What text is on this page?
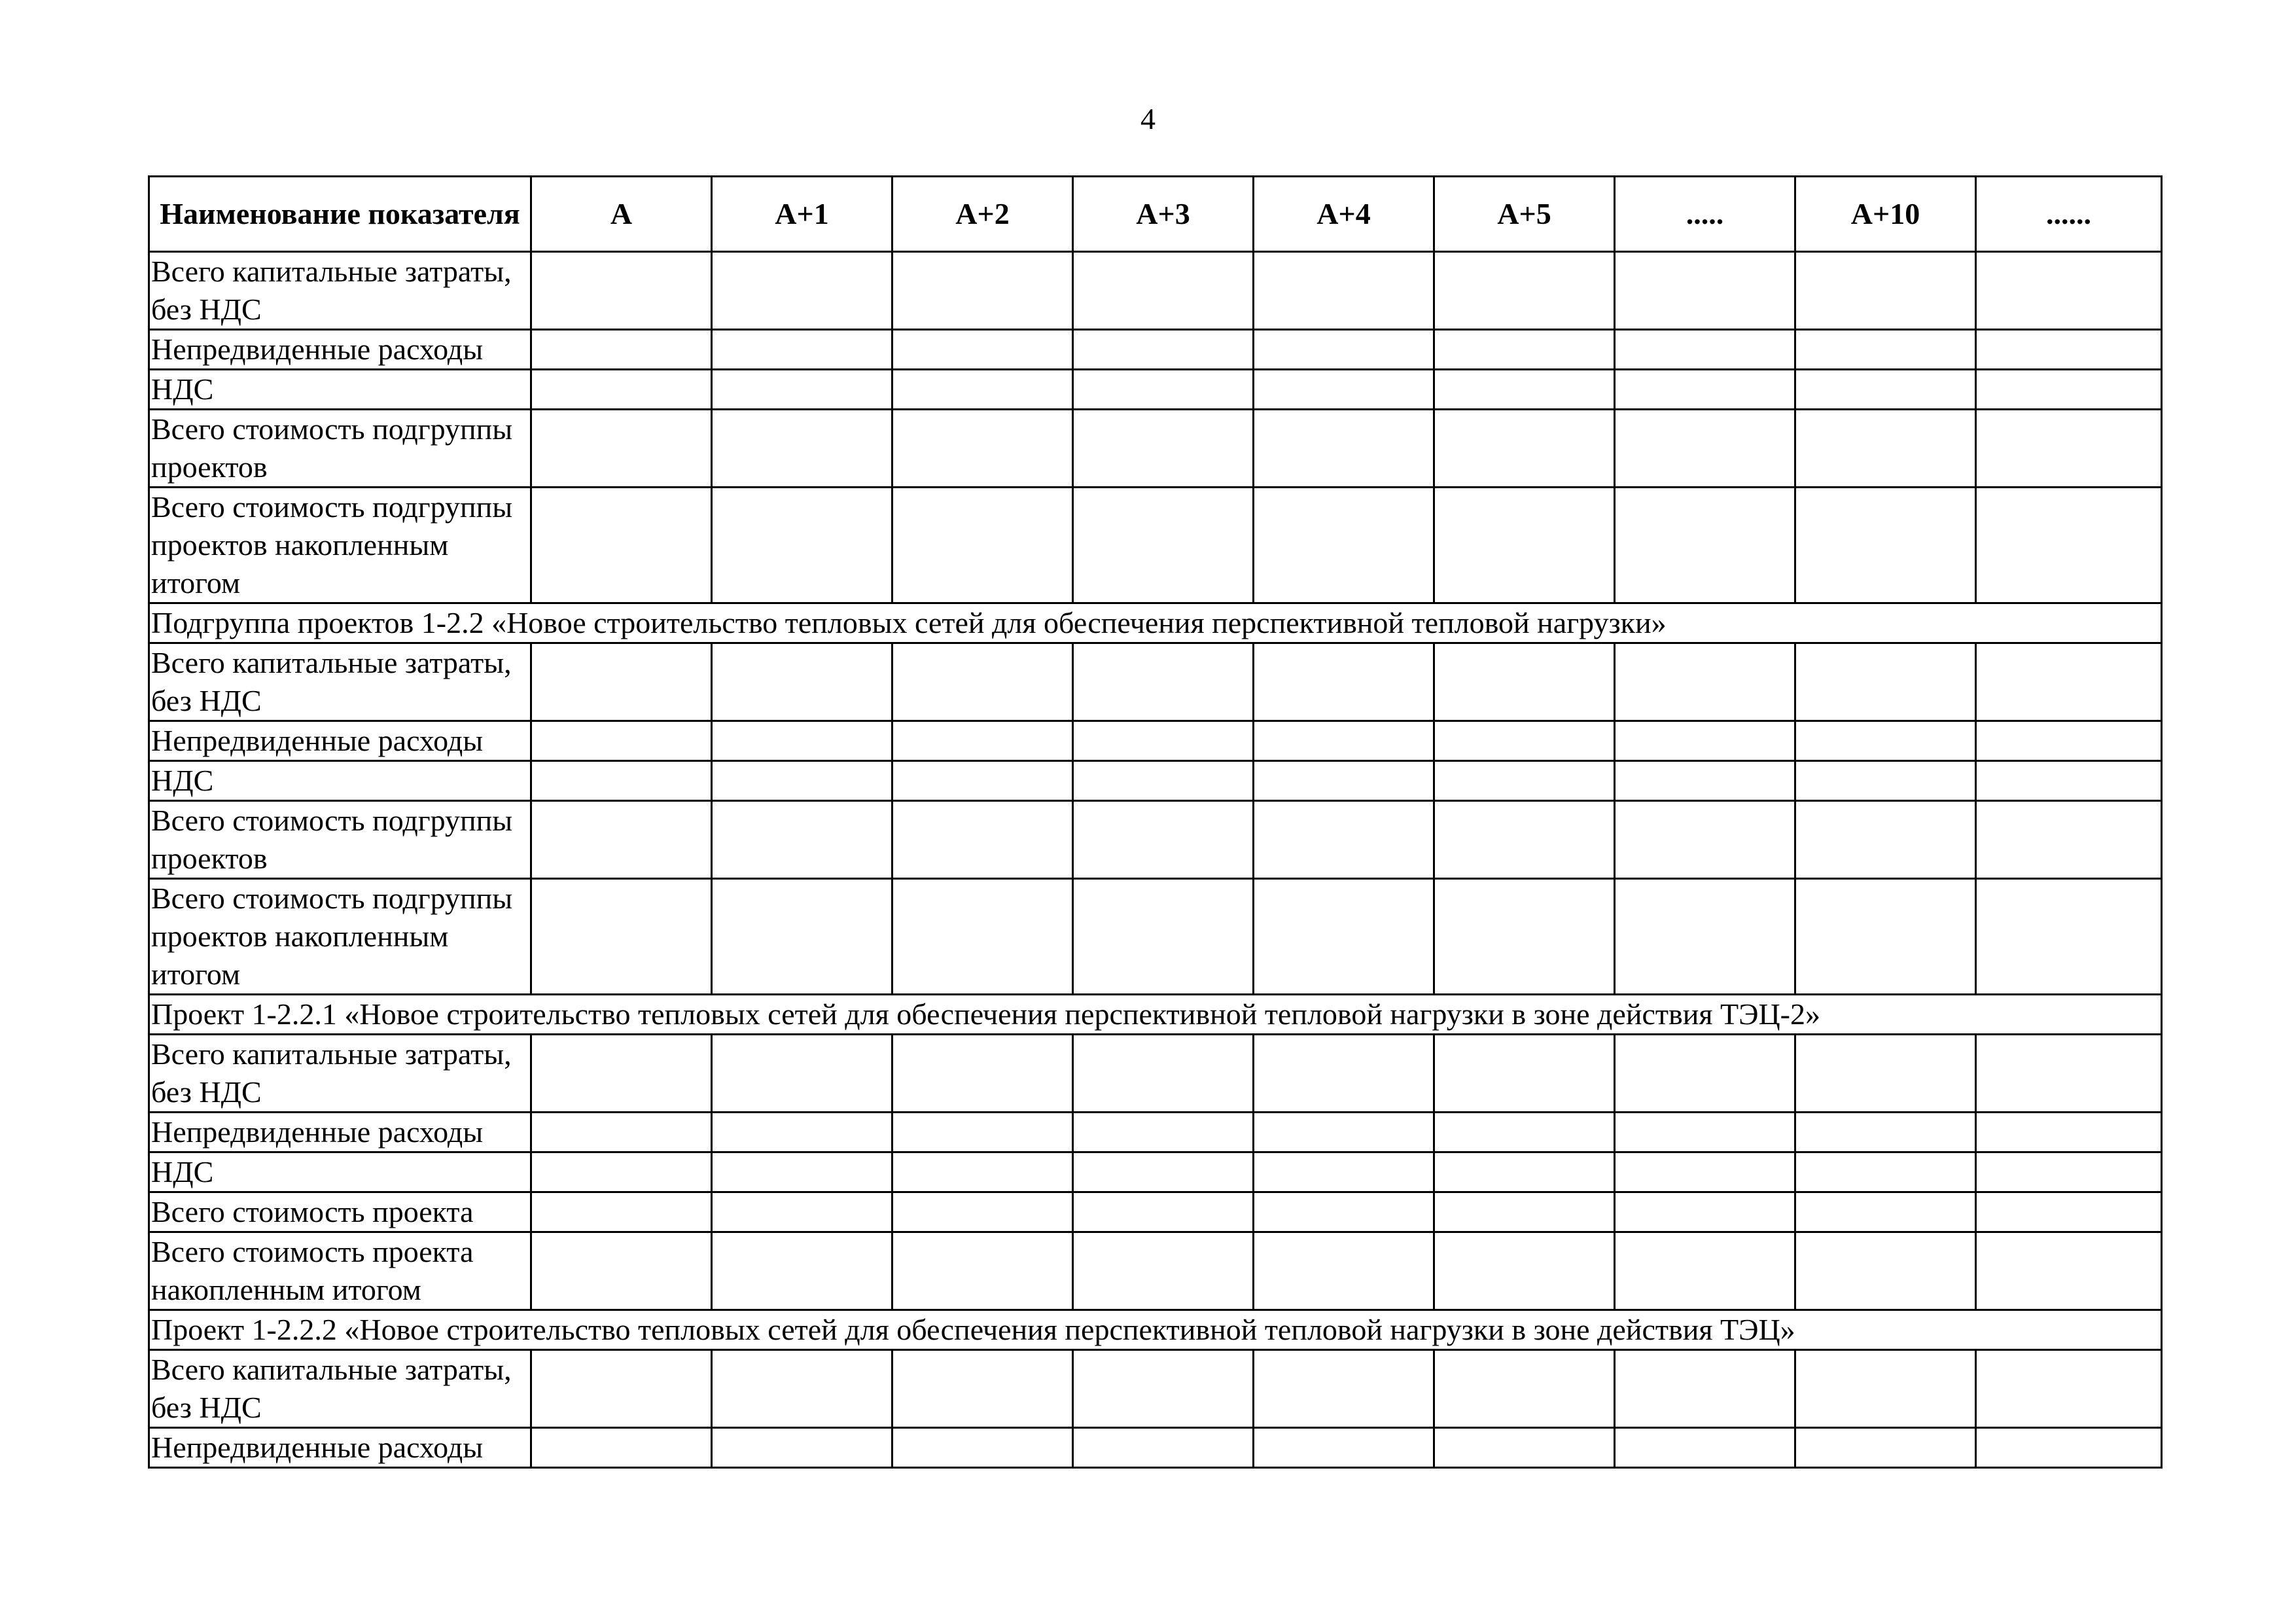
4
Наименование показателя	А	А+1	А+2	А+3	А+4	А+5	.....	А+10	......
Всего капитальные затраты, без НДС									
Непредвиденные расходы									
НДС									
Всего стоимость подгруппы проектов									
Всего стоимость подгруппы проектов накопленным итогом									
Подгруппа проектов 1-2.2 «Новое строительство тепловых сетей для обеспечения перспективной тепловой нагрузки»									
Всего капитальные затраты, без НДС									
Непредвиденные расходы									
НДС									
Всего стоимость подгруппы проектов									
Всего стоимость подгруппы проектов накопленным итогом									
Проект 1-2.2.1 «Новое строительство тепловых сетей для обеспечения перспективной тепловой нагрузки в зоне действия ТЭЦ-2»									
Всего капитальные затраты, без НДС									
Непредвиденные расходы									
НДС									
Всего стоимость проекта									
Всего стоимость проекта накопленным итогом									
Проект 1-2.2.2 «Новое строительство тепловых сетей для обеспечения перспективной тепловой нагрузки в зоне действия ТЭЦ»									
Всего капитальные затраты, без НДС									
Непредвиденные расходы									
